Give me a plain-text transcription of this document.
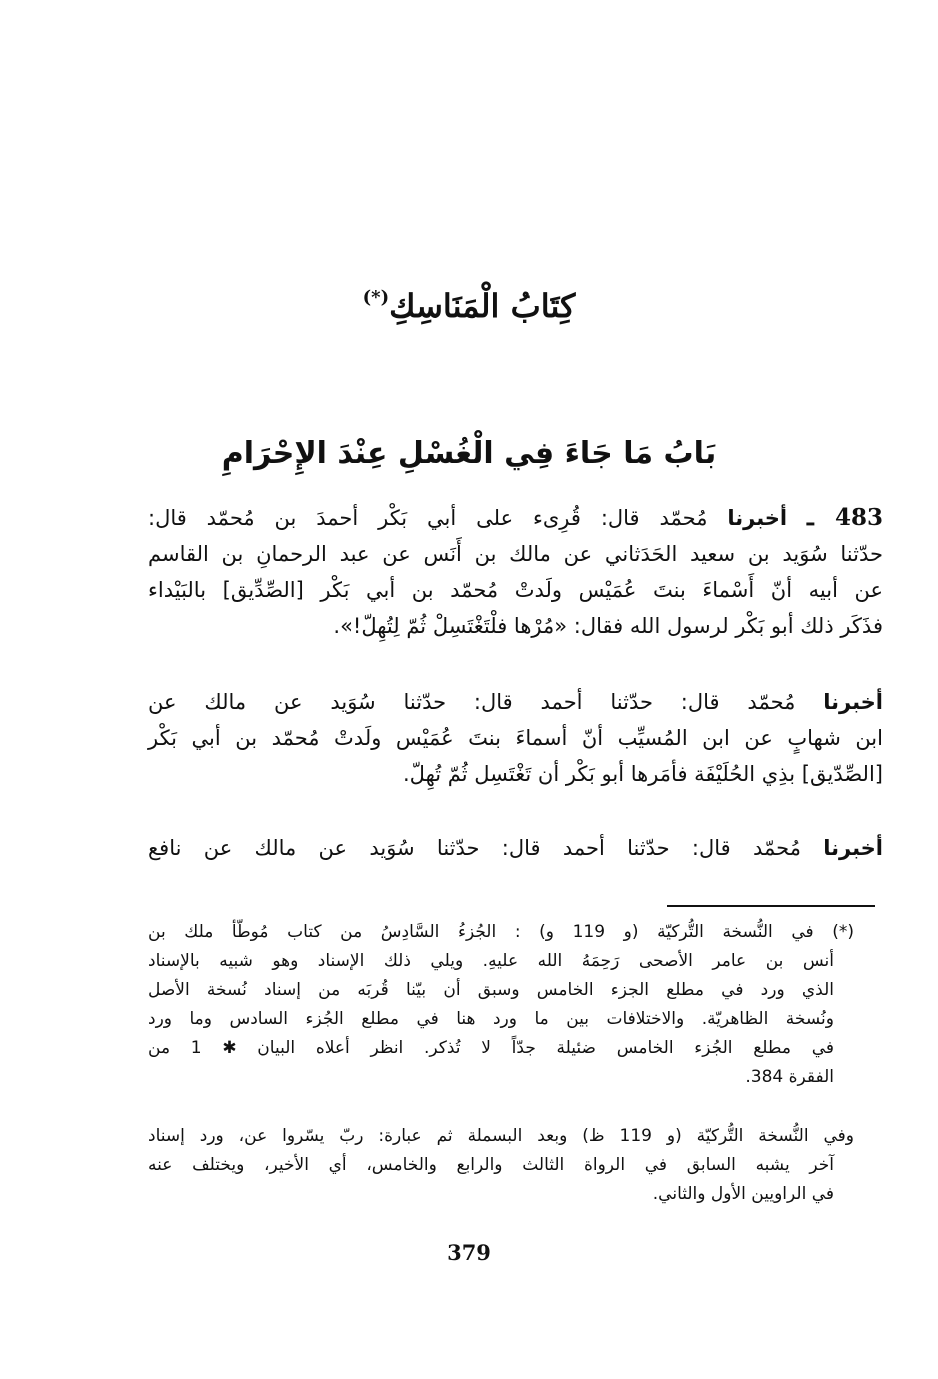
كِتَابُ الْمَنَاسِكِ(*)
بَابُ مَا جَاءَ فِي الْغُسْلِ عِنْدَ الإِحْرَامِ
483 ـ أخبرنا مُحمّد قال: قُرِىء على أبي بَكْر أحمدَ بن مُحمّد قال:
حدّثنا سُوَيد بن سعيد الحَدَثاني عن مالك بن أَنَس عن عبد الرحمانِ بن القاسم
عن أبيه أنّ أَسْماءَ بنتَ عُمَيْس ولَدتْ مُحمّد بن أبي بَكْر [الصِّدِّيق] بالبَيْداء
فذَكَر ذلك أبو بَكْر لرسول الله فقال: «مُرْها فلْتَغْتَسِلْ ثُمّ لِتُهِلّ!».
أخبرنا مُحمّد قال: حدّثنا أحمد قال: حدّثنا سُوَيد عن مالك عن
ابن شهابٍ عن ابن المُسيِّب أنّ أسماءَ بنتَ عُمَيْس ولَدتْ مُحمّد بن أبي بَكْر
[الصِّدّيق] بذِي الحُلَيْفَة فأمَرها أبو بَكْر أن تَغْتَسِل ثُمّ تُهِلّ.
أخبرنا مُحمّد قال: حدّثنا أحمد قال: حدّثنا سُوَيد عن مالك عن نافع
(*) في النُّسخة التُّركيّة (و 119 و) : الجُزءُ السَّادِسُ من كتاب مُوطّأ ملك بن
أنس بن عامر الأصحى رَحِمَهُ الله عليهِ. ويلي ذلك الإسناد وهو شبيه بالإسناد
الذي ورد في مطلع الجزء الخامس وسبق أن بيّنا قُربَه من إسناد نُسخة الأصل
ونُسخة الظاهريّة. والاختلافات بين ما ورد هنا في مطلع الجُزء السادس وما ورد
في مطلع الجُزء الخامس ضئيلة جدّاً لا تُذكر. انظر أعلاه البيان ✱ 1 من
الفقرة 384.
وفي النُّسخة التُّركيّة (و 119 ظ) وبعد البسملة ثم عبارة: ربّ يسّروا عن، ورد إسناد
آخر يشبه السابق في الرواة الثالث والرابع والخامس، أي الأخير، ويختلف عنه
في الراويين الأول والثاني.
379
